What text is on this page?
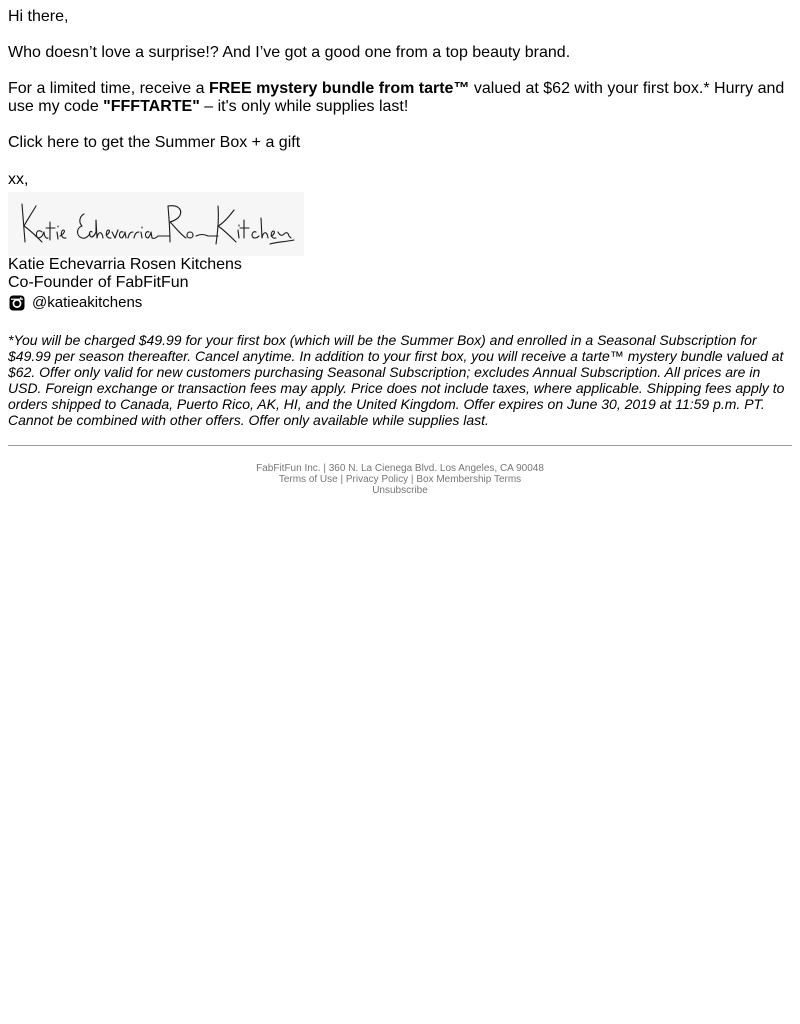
Hi there,

Who doesn’t love a surprise!? And I’ve got a good one from a top beauty brand.

For a limited time, receive a FREE mystery bundle from tarte™ valued at $62 with your first box.* Hurry and use my code "FFFTARTE" – it's only while supplies last!

Click here to get the Summer Box + a gift

xx,

Katie Echevarria Rosen Kitchens
Co-Founder of FabFitFun
@katieakitchens

*You will be charged $49.99 for your first box (which will be the Summer Box) and enrolled in a Seasonal Subscription for $49.99 per season thereafter. Cancel anytime. In addition to your first box, you will receive a tarte™ mystery bundle valued at $62. Offer only valid for new customers purchasing Seasonal Subscription; excludes Annual Subscription. All prices are in USD. Foreign exchange or transaction fees may apply. Price does not include taxes, where applicable. Shipping fees apply to orders shipped to Canada, Puerto Rico, AK, HI, and the United Kingdom. Offer expires on June 30, 2019 at 11:59 p.m. PT. Cannot be combined with other offers. Offer only available while supplies last.

FabFitFun Inc. | 360 N. La Cienega Blvd. Los Angeles, CA 90048
Terms of Use | Privacy Policy | Box Membership Terms
Unsubscribe
